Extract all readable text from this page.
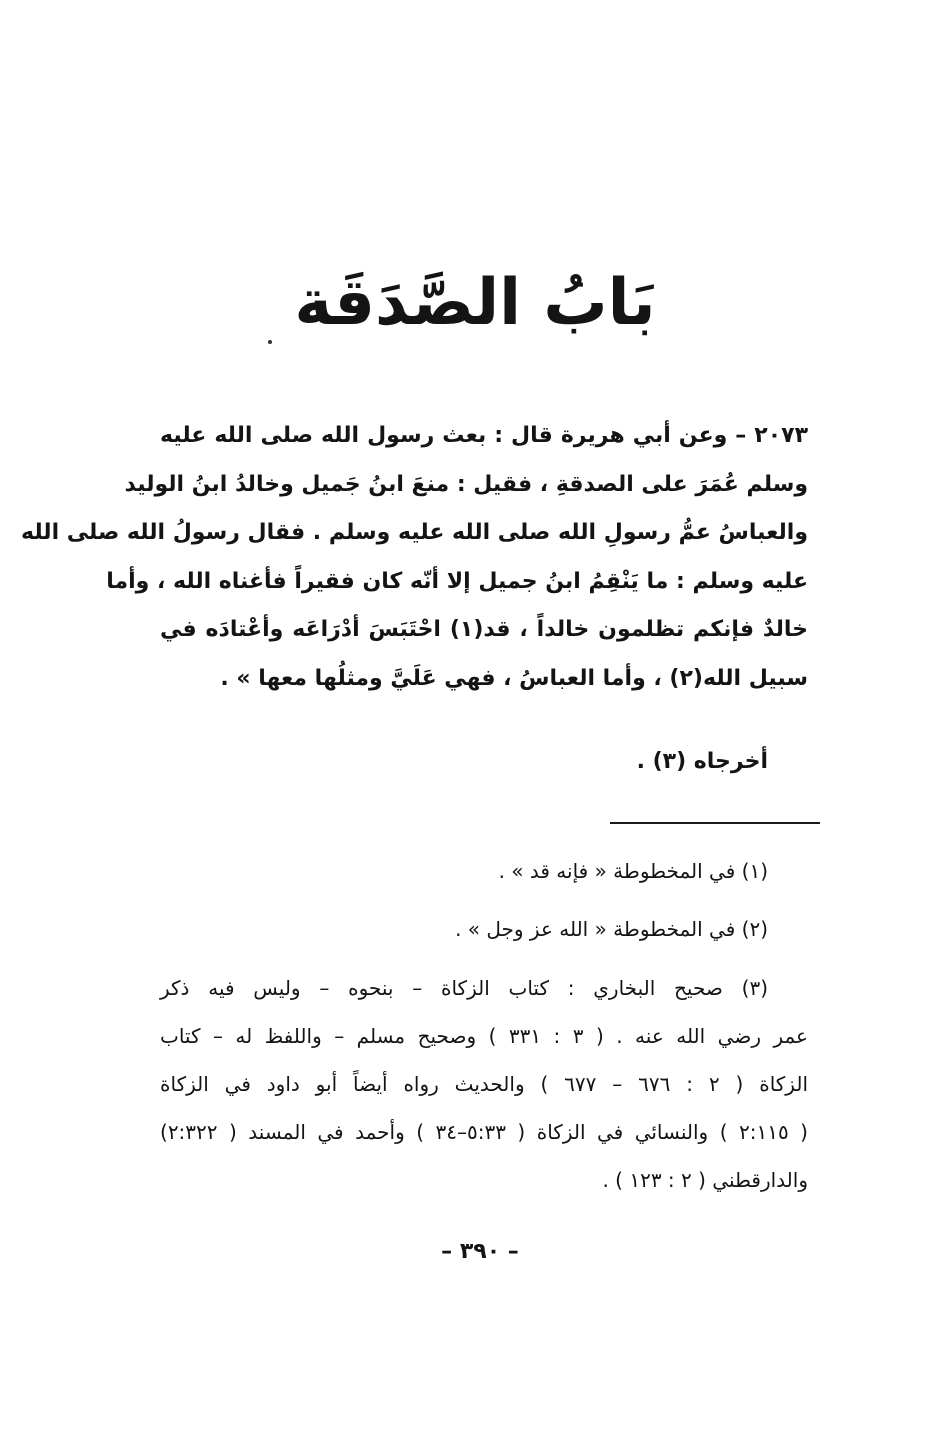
بَابُ الصَّدَقَة
٢٠٧٣ – وعن أبي هريرة قال : بعث رسول الله صلى الله عليه
وسلم عُمَرَ على الصدقةِ ، فقيل : منعَ ابنُ جَميل وخالدُ ابنُ الوليد
والعباسُ عمُّ رسولِ الله صلى الله عليه وسلم . فقال رسولُ الله صلى الله
عليه وسلم : ما يَنْقِمُ ابنُ جميل إلا أنّه كان فقيراً فأغناه الله ، وأما
خالدٌ فإنكم تظلمون خالداً ، قد(١) احْتَبَسَ أدْرَاعَه وأعْتادَه في
سبيل الله(٢) ، وأما العباسُ ، فهي عَلَيَّ ومثلُها معها » .
أخرجاه (٣) .
(١) في المخطوطة « فإنه قد » .
(٢) في المخطوطة « الله عز وجل » .
(٣) صحيح البخاري : كتاب الزكاة – بنحوه – وليس فيه ذكر
عمر رضي الله عنه . ( ٣ : ٣٣١ ) وصحيح مسلم – واللفظ له – كتاب
الزكاة ( ٢ : ٦٧٦ – ٦٧٧ ) والحديث رواه أيضاً أبو داود في الزكاة
( ٢:١١٥ ) والنسائي في الزكاة ( ٥:٣٣–٣٤ ) وأحمد في المسند ( ٢:٣٢٢)
والدارقطني ( ٢ : ١٢٣ ) .
– ٣٩٠ –
